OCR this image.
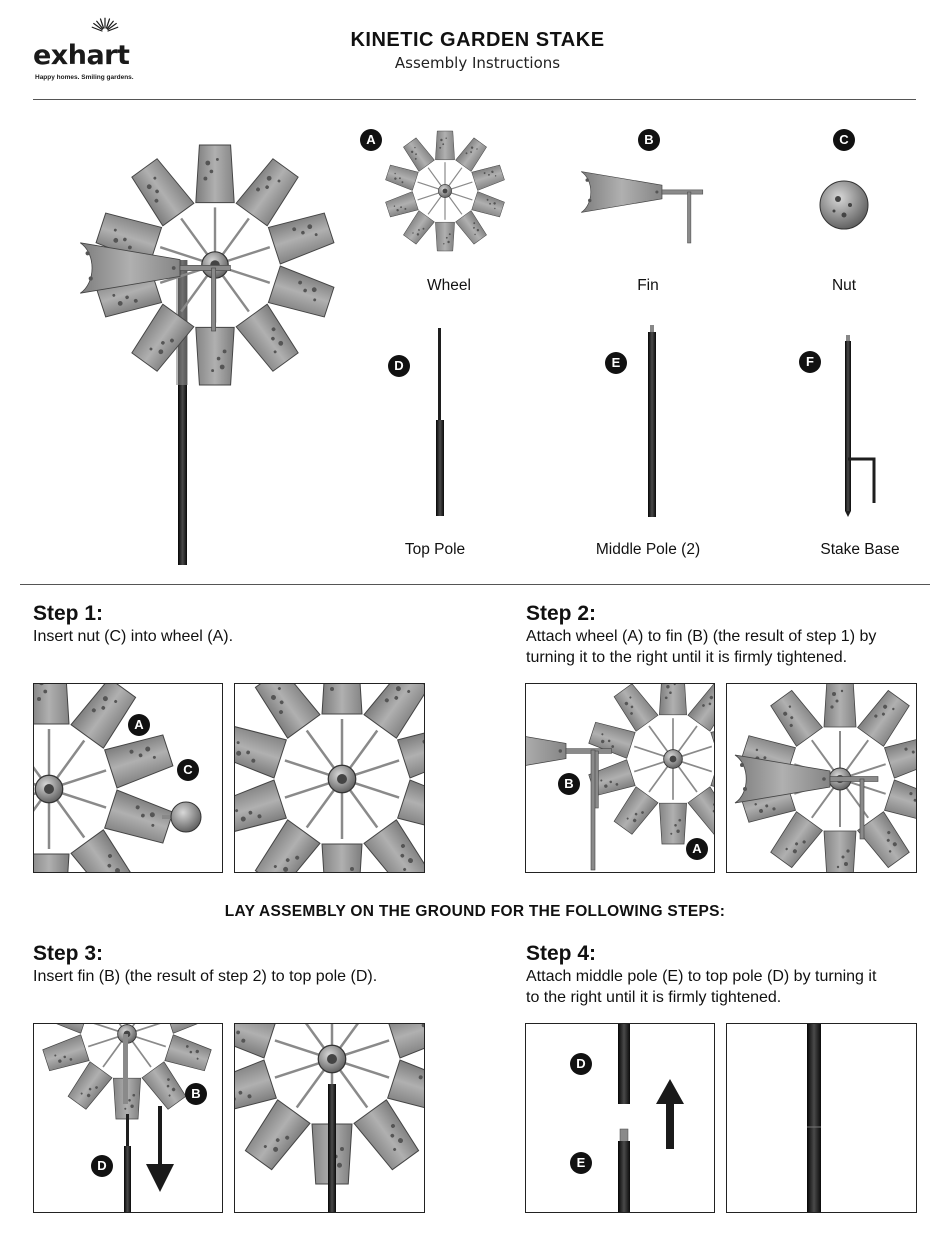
exhart
Happy homes. Smiling gardens.
KINETIC GARDEN STAKE
Assembly Instructions
A
Wheel
B
Fin
C
Nut
D
Top Pole
E
Middle Pole (2)
F
Stake Base
Step 1:
Insert nut (C) into wheel (A).
A
C
Step 2:
Attach wheel (A) to fin (B) (the result of step 1) by
turning it to the right until it is firmly tightened.
B
A
LAY ASSEMBLY ON THE GROUND FOR THE FOLLOWING STEPS:
Step 3:
Insert fin (B) (the result of step 2) to top pole (D).
B
D
Step 4:
Attach middle pole (E) to top pole (D) by turning it
to the right until it is firmly tightened.
D
E
